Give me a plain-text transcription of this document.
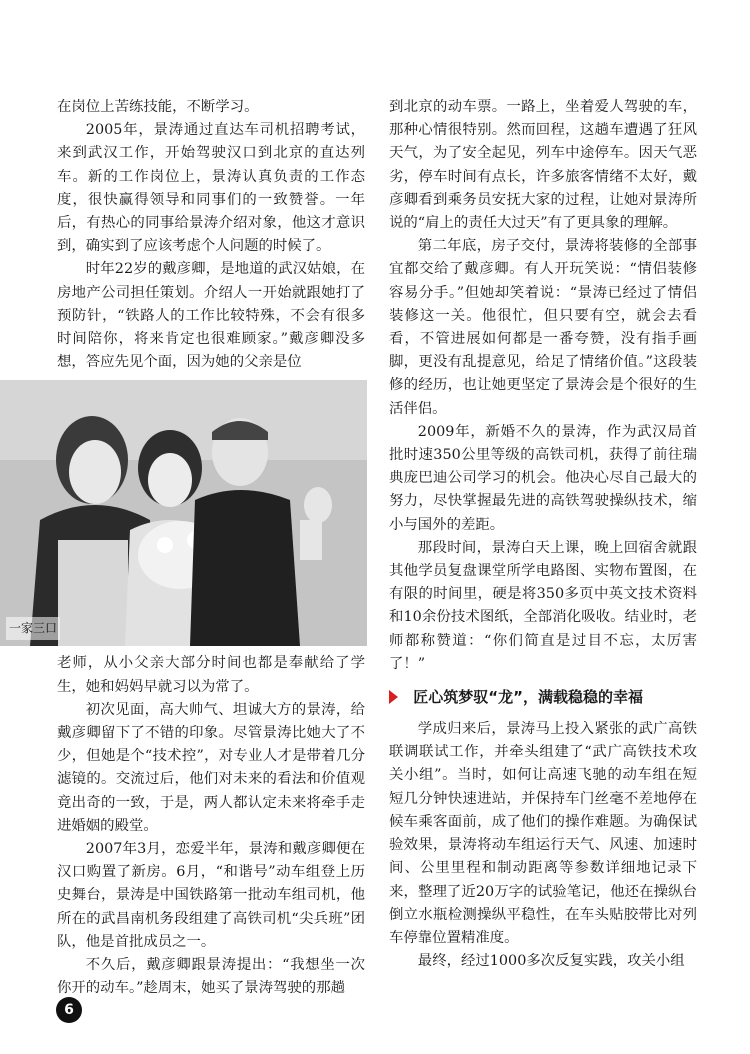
在岗位上苦练技能，不断学习。

2005年，景涛通过直达车司机招聘考试，来到武汉工作，开始驾驶汉口到北京的直达列车。新的工作岗位上，景涛认真负责的工作态度，很快赢得领导和同事们的一致赞誉。一年后，有热心的同事给景涛介绍对象，他这才意识到，确实到了应该考虑个人问题的时候了。

时年22岁的戴彦卿，是地道的武汉姑娘，在房地产公司担任策划。介绍人一开始就跟她打了预防针，“铁路人的工作比较特殊，不会有很多时间陪你，将来肯定也很难顾家。”戴彦卿没多想，答应先见个面，因为她的父亲是位

一家三口

老师，从小父亲大部分时间也都是奉献给了学生，她和妈妈早就习以为常了。

初次见面，高大帅气、坦诚大方的景涛，给戴彦卿留下了不错的印象。尽管景涛比她大了不少，但她是个“技术控”，对专业人才是带着几分滤镜的。交流过后，他们对未来的看法和价值观竟出奇的一致，于是，两人都认定未来将牵手走进婚姻的殿堂。

2007年3月，恋爱半年，景涛和戴彦卿便在汉口购置了新房。6月，“和谐号”动车组登上历史舞台，景涛是中国铁路第一批动车组司机，他所在的武昌南机务段组建了高铁司机“尖兵班”团队，他是首批成员之一。

不久后，戴彦卿跟景涛提出：“我想坐一次你开的动车。”趁周末，她买了景涛驾驶的那趟

到北京的动车票。一路上，坐着爱人驾驶的车，那种心情很特别。然而回程，这趟车遭遇了狂风天气，为了安全起见，列车中途停车。因天气恶劣，停车时间有点长，许多旅客情绪不太好，戴彦卿看到乘务员安抚大家的过程，让她对景涛所说的“肩上的责任大过天”有了更具象的理解。

第二年底，房子交付，景涛将装修的全部事宜都交给了戴彦卿。有人开玩笑说：“情侣装修容易分手。”但她却笑着说：“景涛已经过了情侣装修这一关。他很忙，但只要有空，就会去看看，不管进展如何都是一番夸赞，没有指手画脚，更没有乱提意见，给足了情绪价值。”这段装修的经历，也让她更坚定了景涛会是个很好的生活伴侣。

2009年，新婚不久的景涛，作为武汉局首批时速350公里等级的高铁司机，获得了前往瑞典庞巴迪公司学习的机会。他决心尽自己最大的努力，尽快掌握最先进的高铁驾驶操纵技术，缩小与国外的差距。

那段时间，景涛白天上课，晚上回宿舍就跟其他学员复盘课堂所学电路图、实物布置图，在有限的时间里，硬是将350多页中英文技术资料和10余份技术图纸，全部消化吸收。结业时，老师都称赞道：“你们简直是过目不忘，太厉害了！”

匠心筑梦驭“龙”，满载稳稳的幸福

学成归来后，景涛马上投入紧张的武广高铁联调联试工作，并牵头组建了“武广高铁技术攻关小组”。当时，如何让高速飞驰的动车组在短短几分钟快速进站，并保持车门丝毫不差地停在候车乘客面前，成了他们的操作难题。为确保试验效果，景涛将动车组运行天气、风速、加速时间、公里里程和制动距离等参数详细地记录下来，整理了近20万字的试验笔记，他还在操纵台倒立水瓶检测操纵平稳性，在车头贴胶带比对列车停靠位置精准度。

最终，经过1000多次反复实践，攻关小组

6
